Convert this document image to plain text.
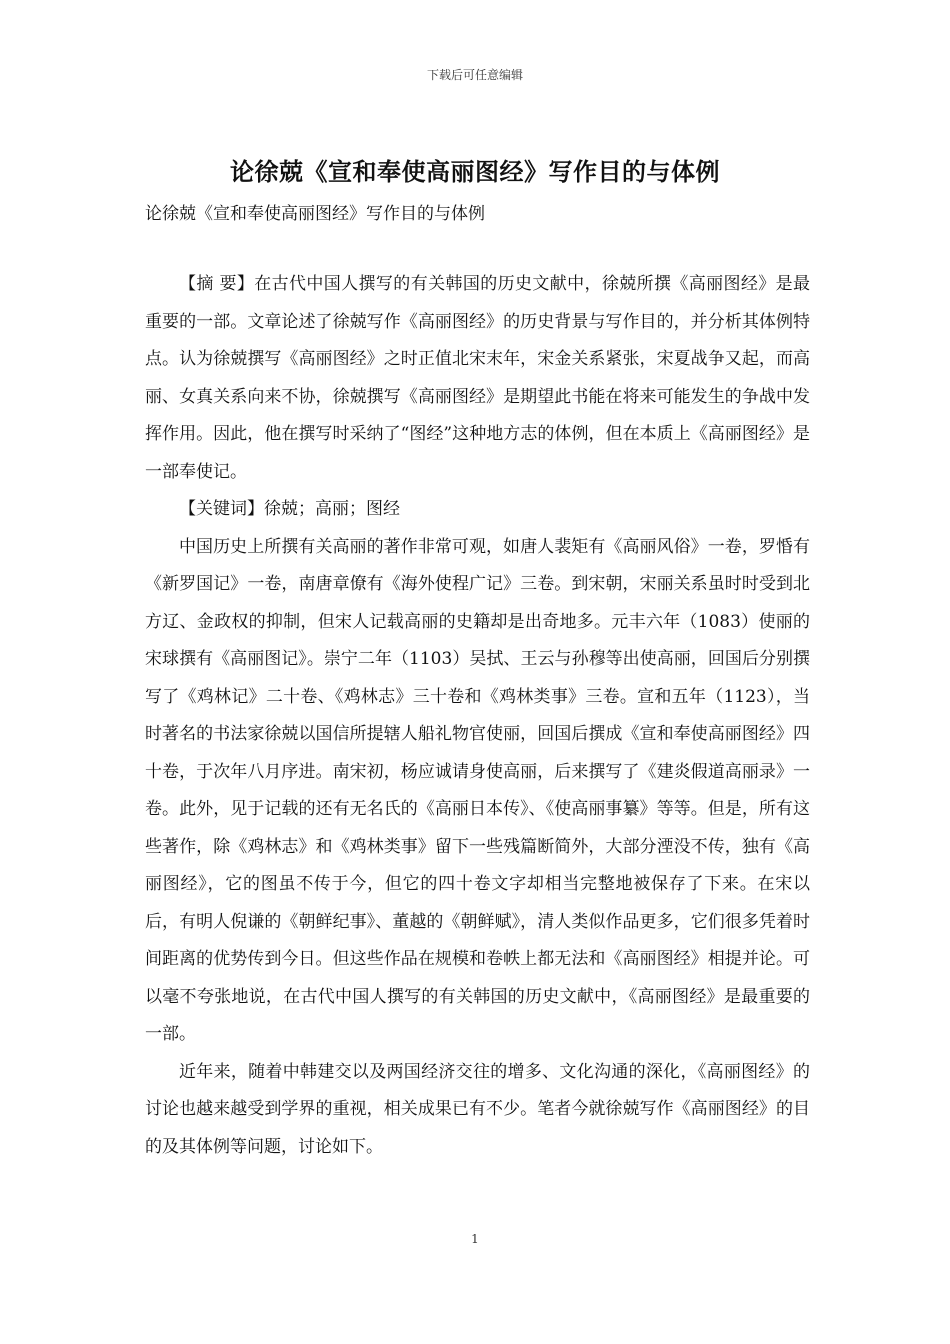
下载后可任意编辑
论徐兢《宣和奉使高丽图经》写作目的与体例
论徐兢《宣和奉使高丽图经》写作目的与体例

【摘 要】在古代中国人撰写的有关韩国的历史文献中，徐兢所撰《高丽图经》是最重要的一部。文章论述了徐兢写作《高丽图经》的历史背景与写作目的，并分析其体例特点。认为徐兢撰写《高丽图经》之时正值北宋末年，宋金关系紧张，宋夏战争又起，而高丽、女真关系向来不协，徐兢撰写《高丽图经》是期望此书能在将来可能发生的争战中发挥作用。因此，他在撰写时采纳了“图经”这种地方志的体例，但在本质上《高丽图经》是一部奉使记。

【关键词】徐兢；高丽；图经

中国历史上所撰有关高丽的著作非常可观，如唐人裴矩有《高丽风俗》一卷，罗惛有《新罗国记》一卷，南唐章僚有《海外使程广记》三卷。到宋朝，宋丽关系虽时时受到北方辽、金政权的抑制，但宋人记载高丽的史籍却是出奇地多。元丰六年（1083）使丽的宋球撰有《高丽图记》。崇宁二年（1103）吴拭、王云与孙穆等出使高丽，回国后分别撰写了《鸡林记》二十卷、《鸡林志》三十卷和《鸡林类事》三卷。宣和五年（1123），当时著名的书法家徐兢以国信所提辖人船礼物官使丽，回国后撰成《宣和奉使高丽图经》四十卷，于次年八月序进。南宋初，杨应诚请身使高丽，后来撰写了《建炎假道高丽录》一卷。此外，见于记载的还有无名氏的《高丽日本传》、《使高丽事纂》等等。但是，所有这些著作，除《鸡林志》和《鸡林类事》留下一些残篇断简外，大部分湮没不传，独有《高丽图经》，它的图虽不传于今，但它的四十卷文字却相当完整地被保存了下来。在宋以后，有明人倪谦的《朝鲜纪事》、董越的《朝鲜赋》，清人类似作品更多，它们很多凭着时间距离的优势传到今日。但这些作品在规模和卷帙上都无法和《高丽图经》相提并论。可以毫不夸张地说，在古代中国人撰写的有关韩国的历史文献中，《高丽图经》是最重要的一部。

近年来，随着中韩建交以及两国经济交往的增多、文化沟通的深化，《高丽图经》的讨论也越来越受到学界的重视，相关成果已有不少。笔者今就徐兢写作《高丽图经》的目的及其体例等问题，讨论如下。

1
